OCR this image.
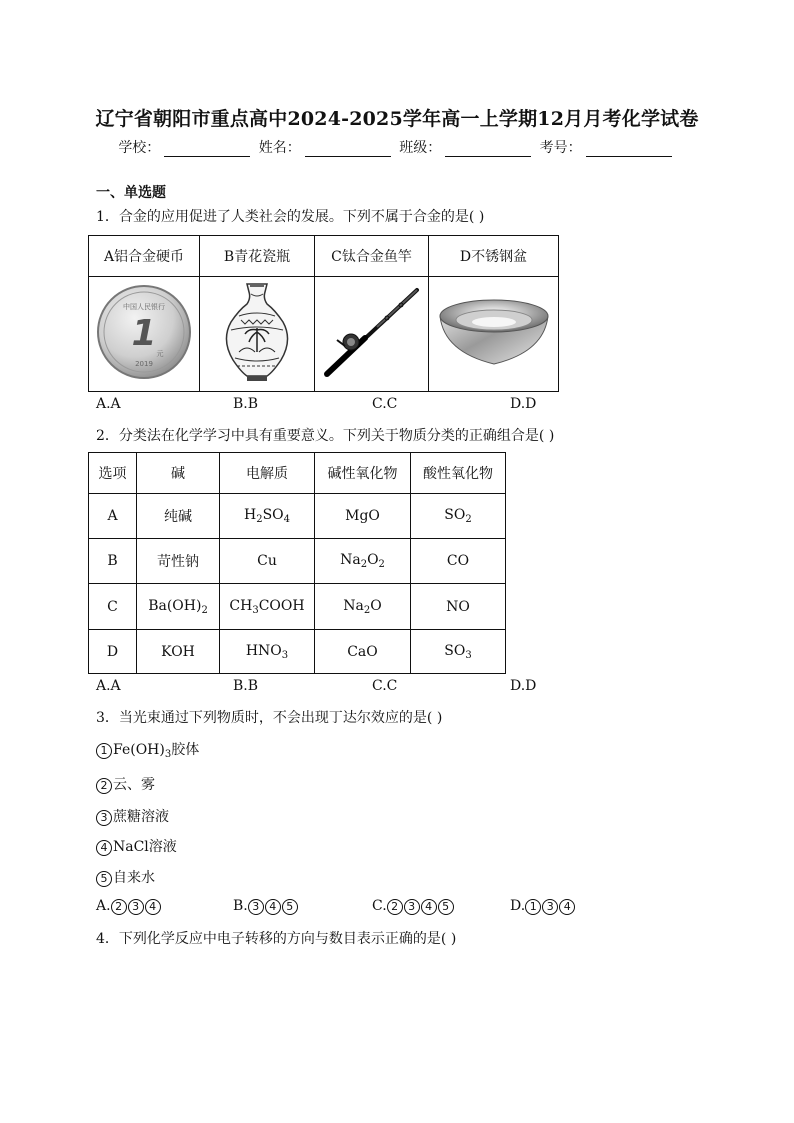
辽宁省朝阳市重点高中2024-2025学年高一上学期12月月考化学试卷
学校：	姓名：	班级：	考号：
一、单选题
1．合金的应用促进了人类社会的发展。下列不属于合金的是( )
A铝合金硬币	B青花瓷瓶	C钛合金鱼竿	D不锈钢盆

中国人民银行
1 元
2019

A.A	B.B	C.C	D.D
2．分类法在化学学习中具有重要意义。下列关于物质分类的正确组合是( )
选项	碱	电解质	碱性氧化物	酸性氧化物
A	纯碱	$H_2SO_4$	MgO	$SO_2$
B	苛性钠	Cu	$Na_2O_2$	CO
C	$Ba(OH)_2$	$CH_3COOH$	$Na_2O$	NO
D	KOH	$HNO_3$	CaO	$SO_3$
A.A	B.B	C.C	D.D
3．当光束通过下列物质时，不会出现丁达尔效应的是( )
1 $Fe(OH)_3$胶体
2 云、雾
3 蔗糖溶液
4 NaCl溶液
5 自来水
A. 2 3 4	B. 3 4 5	C. 2 3 4 5	D. 1 3 4
4．下列化学反应中电子转移的方向与数目表示正确的是( )
